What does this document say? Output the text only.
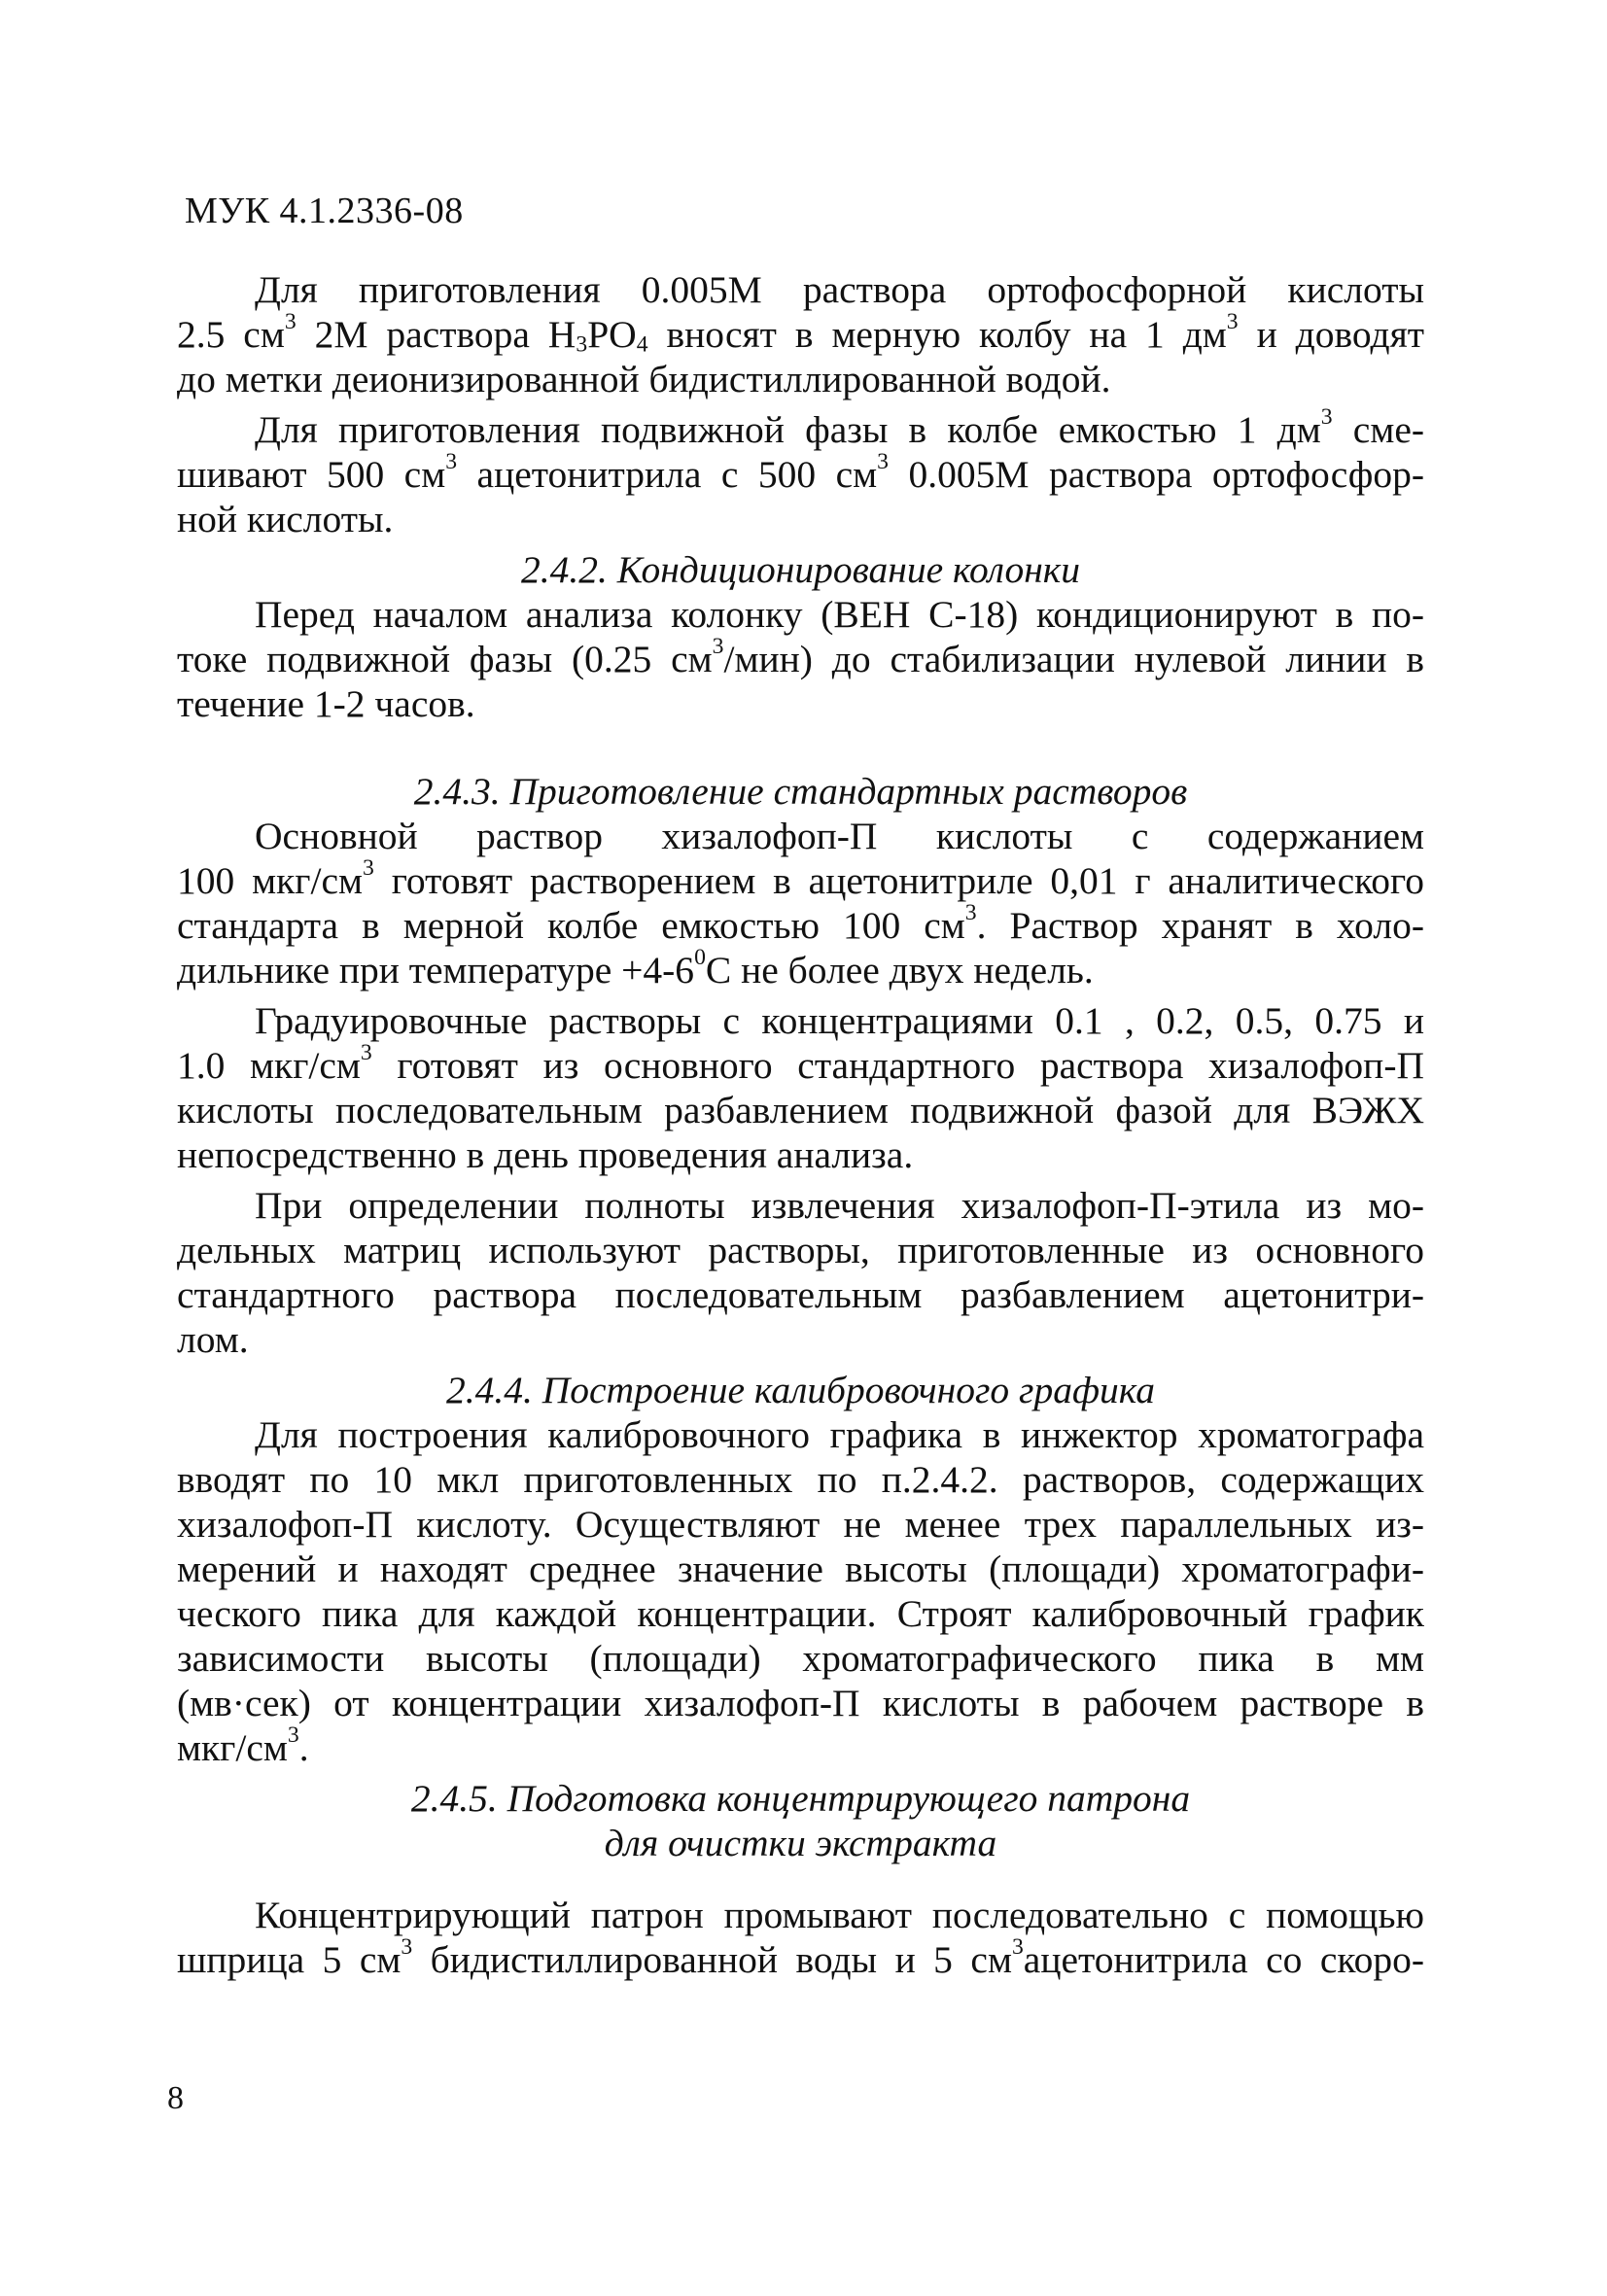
МУК 4.1.2336-08
Для приготовления 0.005М раствора ортофосфорной кислоты
2.5 $см^3$ 2М раствора $H_3PO_4$ вносят в мерную колбу на 1 $дм^3$ и доводят
до метки деионизированной бидистиллированной водой.
Для приготовления подвижной фазы в колбе емкостью 1 $дм^3$ сме-
шивают 500 $см^3$ ацетонитрила с 500 $см^3$ 0.005М раствора ортофосфор-
ной кислоты.
2.4.2. Кондиционирование колонки
Перед началом анализа колонку (ВЕН С-18) кондиционируют в по-
токе подвижной фазы (0.25 $см^3/мин$) до стабилизации нулевой линии в
течение 1-2 часов.
2.4.3. Приготовление стандартных растворов
Основной раствор хизалофоп-П кислоты с содержанием
100 мкг/$см^3$ готовят растворением в ацетонитриле 0,01 г аналитического
стандарта в мерной колбе емкостью 100 $см^3$. Раствор хранят в холо-
дильнике при температуре $+4-6^0С$ не более двух недель.
Градуировочные растворы с концентрациями 0.1 , 0.2, 0.5, 0.75 и
1.0 мкг/$см^3$ готовят из основного стандартного раствора хизалофоп-П
кислоты последовательным разбавлением подвижной фазой для ВЭЖХ
непосредственно в день проведения анализа.
При определении полноты извлечения хизалофоп-П-этила из мо-
дельных матриц используют растворы, приготовленные из основного
стандартного раствора последовательным разбавлением ацетонитри-
лом.
2.4.4. Построение калибровочного графика
Для построения калибровочного графика в инжектор хроматографа
вводят по 10 мкл приготовленных по п.2.4.2. растворов, содержащих
хизалофоп-П кислоту. Осуществляют не менее трех параллельных из-
мерений и находят среднее значение высоты (площади) хроматографи-
ческого пика для каждой концентрации. Строят калибровочный график
зависимости высоты (площади) хроматографического пика в мм
(мв·сек) от концентрации хизалофоп-П кислоты в рабочем растворе в
мкг/$см^3$.
2.4.5. Подготовка концентрирующего патрона
для очистки экстракта
Концентрирующий патрон промывают последовательно с помощью
шприца 5 $см^3$ бидистиллированной воды и 5 $см^3ацетонитрила$ со скоро-
8
